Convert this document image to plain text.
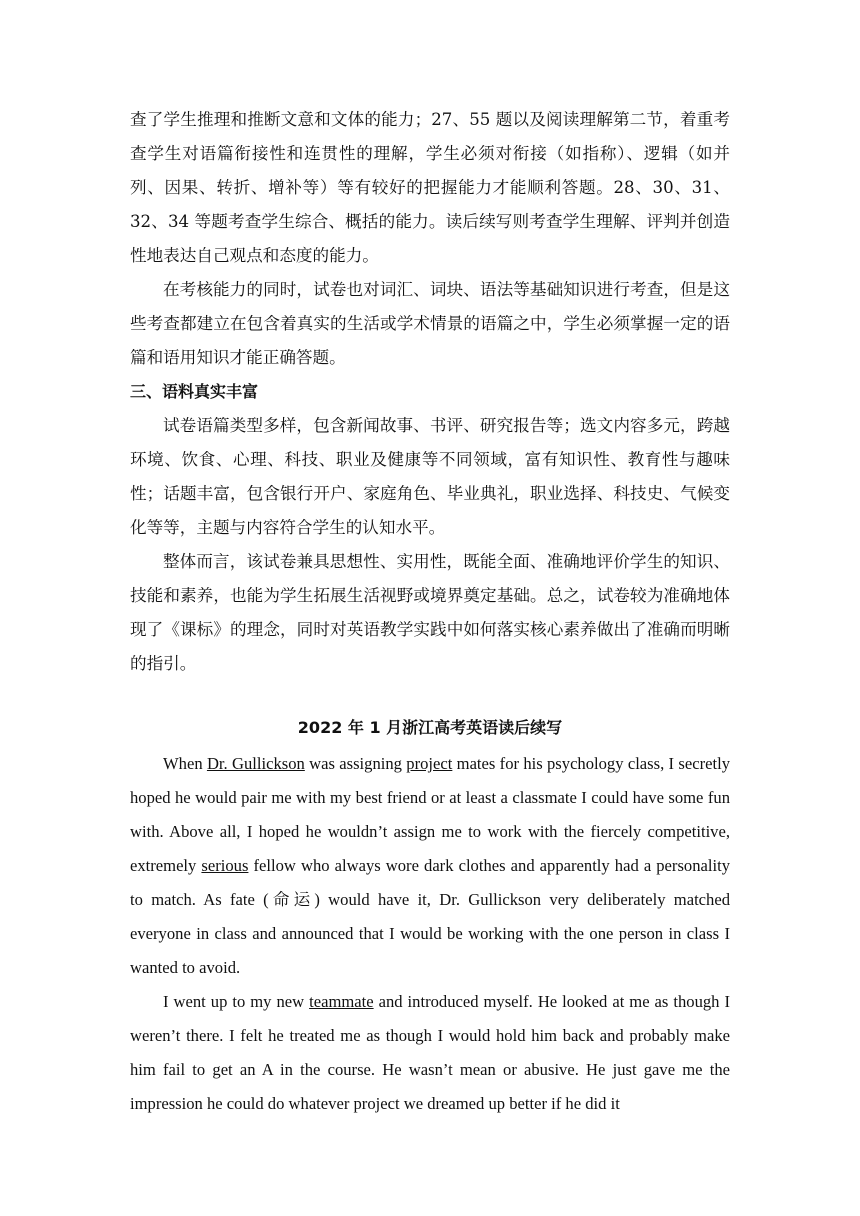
查了学生推理和推断文意和文体的能力；27、55 题以及阅读理解第二节，着重考查学生对语篇衔接性和连贯性的理解，学生必须对衔接（如指称）、逻辑（如并列、因果、转折、增补等）等有较好的把握能力才能顺利答题。28、30、31、32、34 等题考查学生综合、概括的能力。读后续写则考查学生理解、评判并创造性地表达自己观点和态度的能力。

在考核能力的同时，试卷也对词汇、词块、语法等基础知识进行考查，但是这些考查都建立在包含着真实的生活或学术情景的语篇之中，学生必须掌握一定的语篇和语用知识才能正确答题。

三、语料真实丰富

试卷语篇类型多样，包含新闻故事、书评、研究报告等；选文内容多元，跨越环境、饮食、心理、科技、职业及健康等不同领域，富有知识性、教育性与趣味性；话题丰富，包含银行开户、家庭角色、毕业典礼，职业选择、科技史、气候变化等等，主题与内容符合学生的认知水平。

整体而言，该试卷兼具思想性、实用性，既能全面、准确地评价学生的知识、技能和素养，也能为学生拓展生活视野或境界奠定基础。总之，试卷较为准确地体现了《课标》的理念，同时对英语教学实践中如何落实核心素养做出了准确而明晰的指引。

2022 年 1 月浙江高考英语读后续写

When Dr. Gullickson was assigning project mates for his psychology class, I secretly hoped he would pair me with my best friend or at least a classmate I could have some fun with. Above all, I hoped he wouldn’t assign me to work with the fiercely competitive, extremely serious fellow who always wore dark clothes and apparently had a personality to match. As fate (命运) would have it, Dr. Gullickson very deliberately matched everyone in class and announced that I would be working with the one person in class I wanted to avoid.

I went up to my new teammate and introduced myself. He looked at me as though I weren’t there. I felt he treated me as though I would hold him back and probably make him fail to get an A in the course. He wasn’t mean or abusive. He just gave me the impression he could do whatever project we dreamed up better if he did it
